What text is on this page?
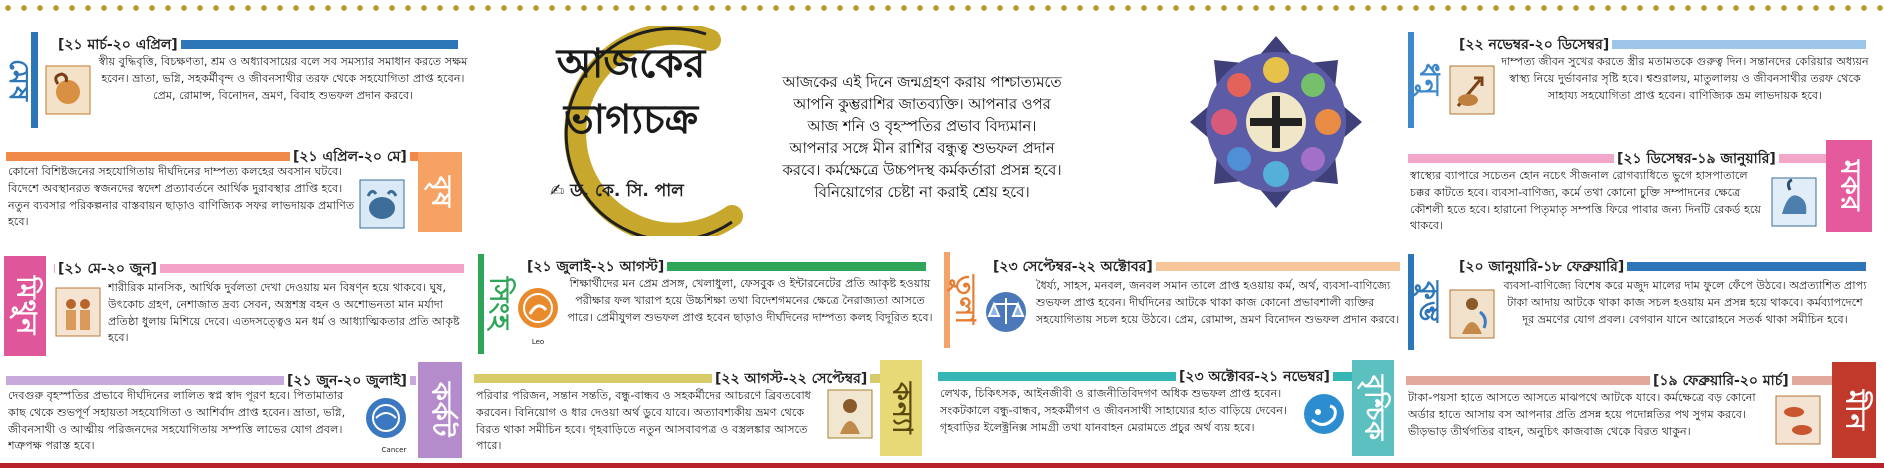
মেষ
[২১ মার্চ-২০ এপ্রিল]
স্বীয় বুদ্ধিবৃত্তি, বিচক্ষণতা, শ্রম ও অধ্যাবসায়ের বলে সব সমস্যার সমাধান করতে সক্ষম হবেন। ভ্রাতা, ভগ্নি, সহকর্মীবৃন্দ ও জীবনসাথীর তরফ থেকে সহযোগিতা প্রাপ্ত হবেন। প্রেম, রোমান্স, বিনোদন, ভ্রমণ, বিবাহ শুভফল প্রদান করবে।
[২১ এপ্রিল-২০ মে]
বৃষ
কোনো বিশিষ্টজনের সহযোগিতায় দীর্ঘদিনের দাম্পত্য কলহের অবসান ঘটবে। বিদেশে অবস্থানরত স্বজনদের স্বদেশ প্রত্যাবর্তনে আর্থিক দুরাবস্থার প্রাপ্তি হবে। নতুন ব্যবসার পরিকল্পনার বাস্তবায়ন ছাড়াও বাণিজ্যিক সফর লাভদায়ক প্রমাণিত হবে।
মিথুন
[২১ মে-২০ জুন]
শারীরিক মানসিক, আর্থিক দুর্বলতা দেখা দেওয়ায় মন বিষণ্ন হয়ে থাকবে। ঘুষ, উৎকোচ গ্রহণ, নেশাজাত দ্রব্য সেবন, অস্ত্রশস্ত্র বহন ও অশোভনতা মান মর্যাদা প্রতিষ্ঠা ধুলায় মিশিয়ে দেবে। এতদসত্ত্বেও মন ধর্ম ও আধ্যাত্মিকতার প্রতি আকৃষ্ট হবে।
[২১ জুন-২০ জুলাই]
কর্কট
Cancer
দেবগুরু বৃহস্পতির প্রভাবে দীর্ঘদিনের লালিত স্বপ্ন স্বাদ পূরণ হবে। পিতামাতার কাছ থেকে শুভপূর্ণ সহায়তা সহযোগিতা ও আশির্বাদ প্রাপ্ত হবেন। ভ্রাতা, ভগ্নি, জীবনসাথী ও আত্মীয় পরিজনদের সহযোগিতায় সম্পত্তি লাভের যোগ প্রবল। শত্রুপক্ষ পরাস্ত হবে।
আজকের
ভাগ্যচক্র
✍ ড. কে. সি. পাল
আজকের এই দিনে জন্মগ্রহণ করায় পাশ্চাত্যমতে আপনি কুম্ভরাশির জাতব্যক্তি। আপনার ওপর আজ শনি ও বৃহস্পতির প্রভাব বিদ্যমান। আপনার সঙ্গে মীন রাশির বন্ধুত্ব শুভফল প্রদান করবে। কর্মক্ষেত্রে উচ্চপদস্থ কর্মকর্তারা প্রসন্ন হবে। বিনিয়োগের চেষ্টা না করাই শ্রেয় হবে।
সিংহ
[২১ জুলাই-২১ আগস্ট]
Leo
শিক্ষার্থীদের মন প্রেম প্রসঙ্গ, খেলাধুলা, ফেসবুক ও ইন্টারনেটের প্রতি আকৃষ্ট হওয়ায় পরীক্ষার ফল খারাপ হয়ে উচ্চশিক্ষা তথা বিদেশগমনের ক্ষেত্রে নৈরাজ্যতা আসতে পারে। প্রেমীযুগল শুভফল প্রাপ্ত হবেন ছাড়াও দীর্ঘদিনের দাম্পত্য কলহ বিদূরিত হবে। তুলা
[২৩ সেপ্টেম্বর-২২ অক্টোবর]
ধৈর্য্য, সাহস, মনবল, জনবল সমান তালে প্রাপ্ত হওয়ায় কর্ম, অর্থ, ব্যবসা-বাণিজ্যে শুভফল প্রাপ্ত হবেন। দীর্ঘদিনের আটকে থাকা কাজ কোনো প্রভাবশালী ব্যক্তির সহযোগিতায় সচল হয়ে উঠবে। প্রেম, রোমান্স, ভ্রমণ বিনোদন শুভফল প্রদান করবে।
[২২ আগস্ট-২২ সেপ্টেম্বর]
কন্যা
পরিবার পরিজন, সন্তান সন্ততি, বন্ধু-বান্ধব ও সহকর্মীদের আচরণে ব্রিবতবোধ করবেন। বিনিয়োগ ও ধার দেওয়া অর্থ ডুবে যাবে। অত্যাবশ্যকীয় ভ্রমণ থেকে বিরত থাকা সমীচিন হবে। গৃহবাড়িতে নতুন আসবাবপত্র ও বস্ত্রলঙ্কার আসতে পারে।
[২৩ অক্টোবর-২১ নভেম্বর] বৃশ্চিক
লেখক, চিকিৎসক, আইনজীবী ও রাজনীতিবিদগণ অধিক শুভফল প্রাপ্ত হবেন। সংকটকালে বন্ধু-বান্ধব, সহকর্মীগণ ও জীবনসাথী সাহায্যের হাত বাড়িয়ে দেবেন। গৃহবাড়ির ইলেক্ট্রনিক্স সামগ্রী তথা যানবাহন মেরামতে প্রচুর অর্থ ব্যয় হবে।
ধনু
[২২ নভেম্বর-২০ ডিসেম্বর]
দাম্পত্য জীবন সুখের করতে স্ত্রীর মতামতকে গুরুত্ব দিন। সন্তানদের কেরিয়ার অধ্যয়ন স্বাস্থ্য নিয়ে দুর্ভাবনার সৃষ্টি হবে। শ্বশুরালয়, মাতুলালয় ও জীবনসাথীর তরফ থেকে সাহায্য সহযোগিতা প্রাপ্ত হবেন। বাণিজ্যিক ভ্রম লাভদায়ক হবে।
[২১ ডিসেম্বর-১৯ জানুয়ারি]
মকর
স্বাস্থ্যের ব্যাপারে সচেতন হোন নচেৎ সীজনাল রোগব্যাধিতে ভুগে হাসপাতালে চক্কর কাটতে হবে। ব্যবসা-বাণিজ্য, কর্মে তথা কোনো চুক্তি সম্পাদনের ক্ষেত্রে কৌশলী হতে হবে। হারানো পিতৃমাতৃ সম্পত্তি ফিরে পাবার জন্য দিনটি রেকর্ড হয়ে থাকবে।
কুম্ভ
[২০ জানুয়ারি-১৮ ফেব্রুয়ারি]
ব্যবসা-বাণিজ্যে বিশেষ করে মজুদ মালের দাম ফুলে ফেঁপে উঠবে। অপ্রত্যাশিত প্রাপ্য টাকা আদায় আটকে থাকা কাজ সচল হওয়ায় মন প্রসন্ন হয়ে থাকবে। কর্মব্যাপদেশে দূর ভ্রমণের যোগ প্রবল। বেগবান যানে আরোহনে সতর্ক থাকা সমীচিন হবে।
[১৯ ফেব্রুয়ারি-২০ মার্চ]
মীন
টাকা-পয়সা হাতে আসতে আসতে মাঝপথে আটকে যাবে। কর্মক্ষেত্রে বড় কোনো অর্ডার হাতে আসায় বস আপনার প্রতি প্রসন্ন হয়ে পদোন্নতির পথ সুগম করবে। ভীড়ভাড় তীর্থগতির বাহন, অনুচিৎ কাজবাজ থেকে বিরত থাকুন।
